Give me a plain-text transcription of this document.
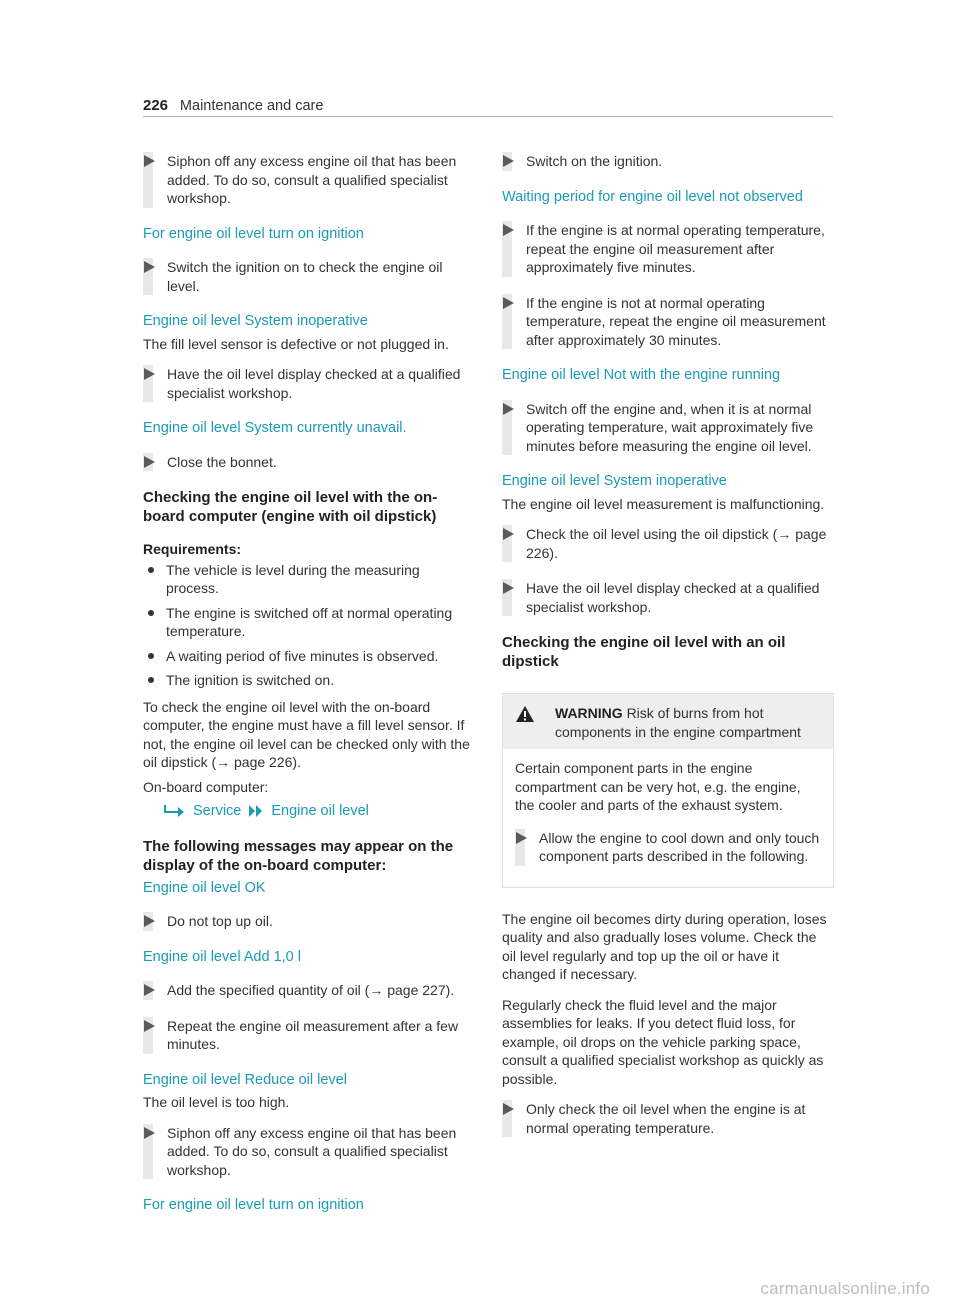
226 Maintenance and care
Siphon off any excess engine oil that has been added. To do so, consult a qualified specialist workshop.
For engine oil level turn on ignition
Switch the ignition on to check the engine oil level.
Engine oil level System inoperative
The fill level sensor is defective or not plugged in.
Have the oil level display checked at a qualified specialist workshop.
Engine oil level System currently unavail.
Close the bonnet.
Checking the engine oil level with the on-board computer (engine with oil dipstick)
Requirements:
The vehicle is level during the measuring process.
The engine is switched off at normal operating temperature.
A waiting period of five minutes is observed.
The ignition is switched on.
To check the engine oil level with the on-board computer, the engine must have a fill level sensor. If not, the engine oil level can be checked only with the oil dipstick (→ page 226).
On-board computer:
Service Engine oil level
The following messages may appear on the display of the on-board computer:
Engine oil level OK
Do not top up oil.
Engine oil level Add 1,0 l
Add the specified quantity of oil (→ page 227).
Repeat the engine oil measurement after a few minutes.
Engine oil level Reduce oil level
The oil level is too high.
Siphon off any excess engine oil that has been added. To do so, consult a qualified specialist workshop.
For engine oil level turn on ignition
Switch on the ignition.
Waiting period for engine oil level not observed
If the engine is at normal operating temperature, repeat the engine oil measurement after approximately five minutes.
If the engine is not at normal operating temperature, repeat the engine oil measurement after approximately 30 minutes.
Engine oil level Not with the engine running
Switch off the engine and, when it is at normal operating temperature, wait approximately five minutes before measuring the engine oil level.
Engine oil level System inoperative
The engine oil level measurement is malfunctioning.
Check the oil level using the oil dipstick (→ page 226).
Have the oil level display checked at a qualified specialist workshop.
Checking the engine oil level with an oil dipstick
WARNING Risk of burns from hot components in the engine compartment
Certain component parts in the engine compartment can be very hot, e.g. the engine, the cooler and parts of the exhaust system.
Allow the engine to cool down and only touch component parts described in the following.
The engine oil becomes dirty during operation, loses quality and also gradually loses volume. Check the oil level regularly and top up the oil or have it changed if necessary.
Regularly check the fluid level and the major assemblies for leaks. If you detect fluid loss, for example, oil drops on the vehicle parking space, consult a qualified specialist workshop as quickly as possible.
Only check the oil level when the engine is at normal operating temperature.
carmanualsonline.info
